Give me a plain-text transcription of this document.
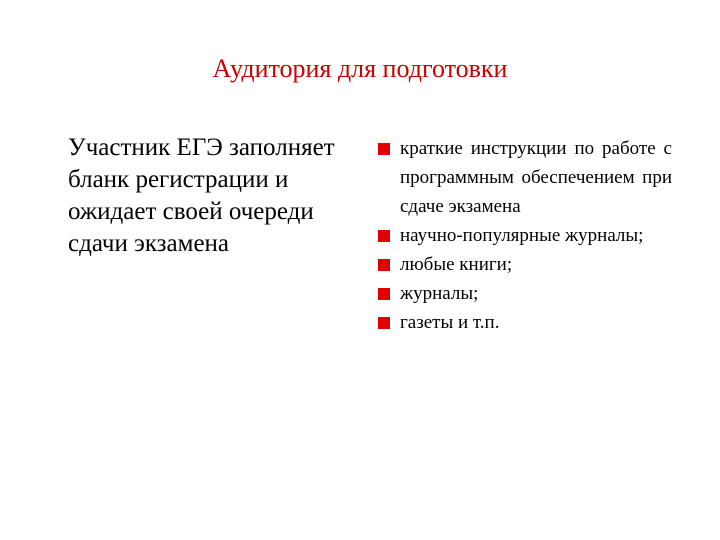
Аудитория для подготовки
Участник ЕГЭ заполняет бланк регистрации и ожидает своей очереди сдачи экзамена
краткие инструкции по работе с программным обеспечением при сдаче экзамена
научно-популярные журналы;
любые книги;
журналы;
газеты и т.п.
